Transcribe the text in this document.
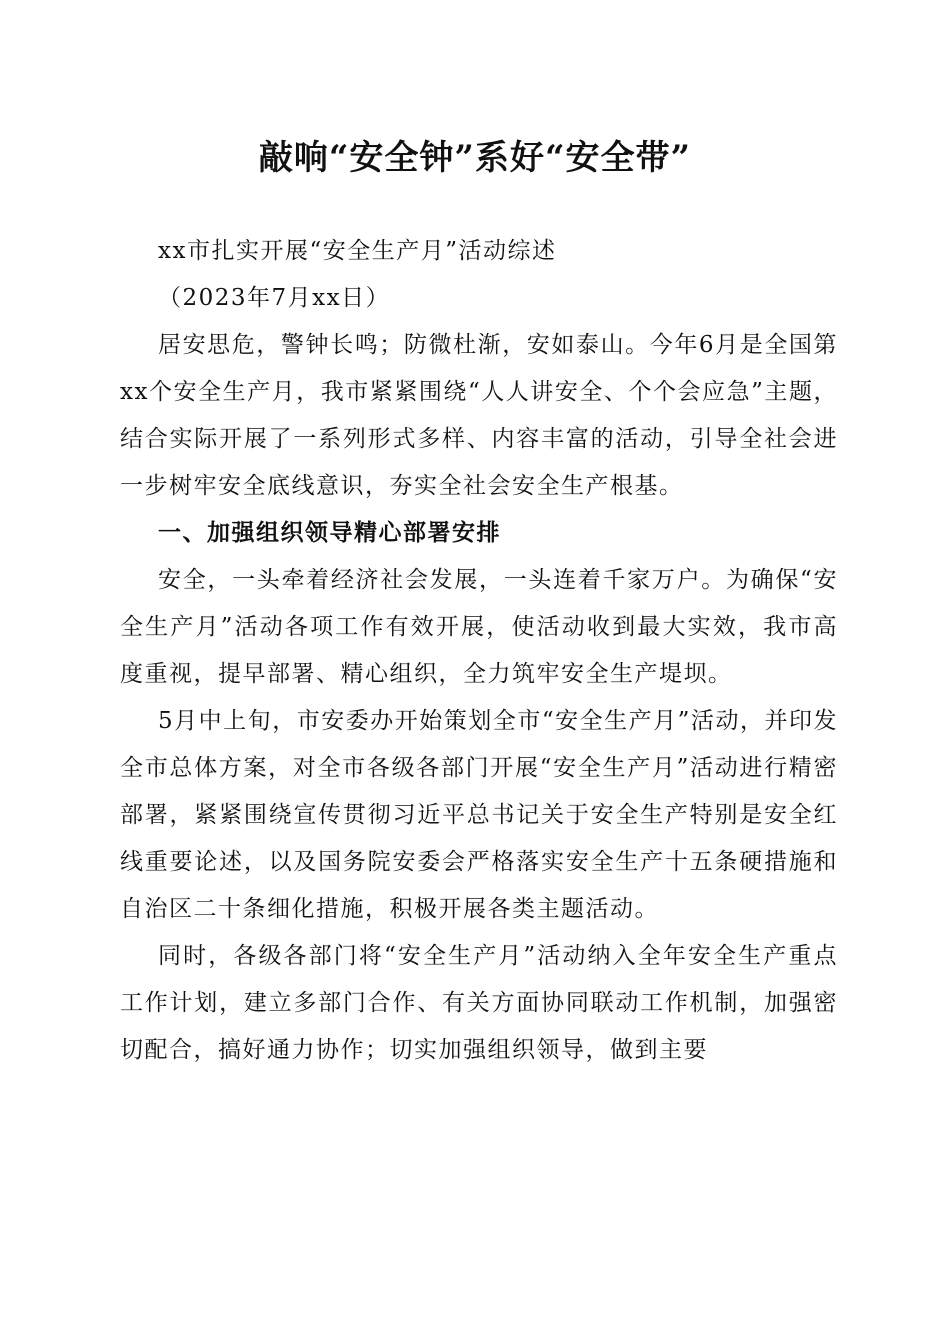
敲响“安全钟”系好“安全带”

xx市扎实开展“安全生产月”活动综述

（2023年7月xx日）

居安思危，警钟长鸣；防微杜渐，安如泰山。今年6月是全国第xx个安全生产月，我市紧紧围绕“人人讲安全、个个会应急”主题，结合实际开展了一系列形式多样、内容丰富的活动，引导全社会进一步树牢安全底线意识，夯实全社会安全生产根基。

一、加强组织领导精心部署安排

安全，一头牵着经济社会发展，一头连着千家万户。为确保“安全生产月”活动各项工作有效开展，使活动收到最大实效，我市高度重视，提早部署、精心组织，全力筑牢安全生产堤坝。

5月中上旬，市安委办开始策划全市“安全生产月”活动，并印发全市总体方案，对全市各级各部门开展“安全生产月”活动进行精密部署，紧紧围绕宣传贯彻习近平总书记关于安全生产特别是安全红线重要论述，以及国务院安委会严格落实安全生产十五条硬措施和自治区二十条细化措施，积极开展各类主题活动。

同时，各级各部门将“安全生产月”活动纳入全年安全生产重点工作计划，建立多部门合作、有关方面协同联动工作机制，加强密切配合，搞好通力协作；切实加强组织领导，做到主要
